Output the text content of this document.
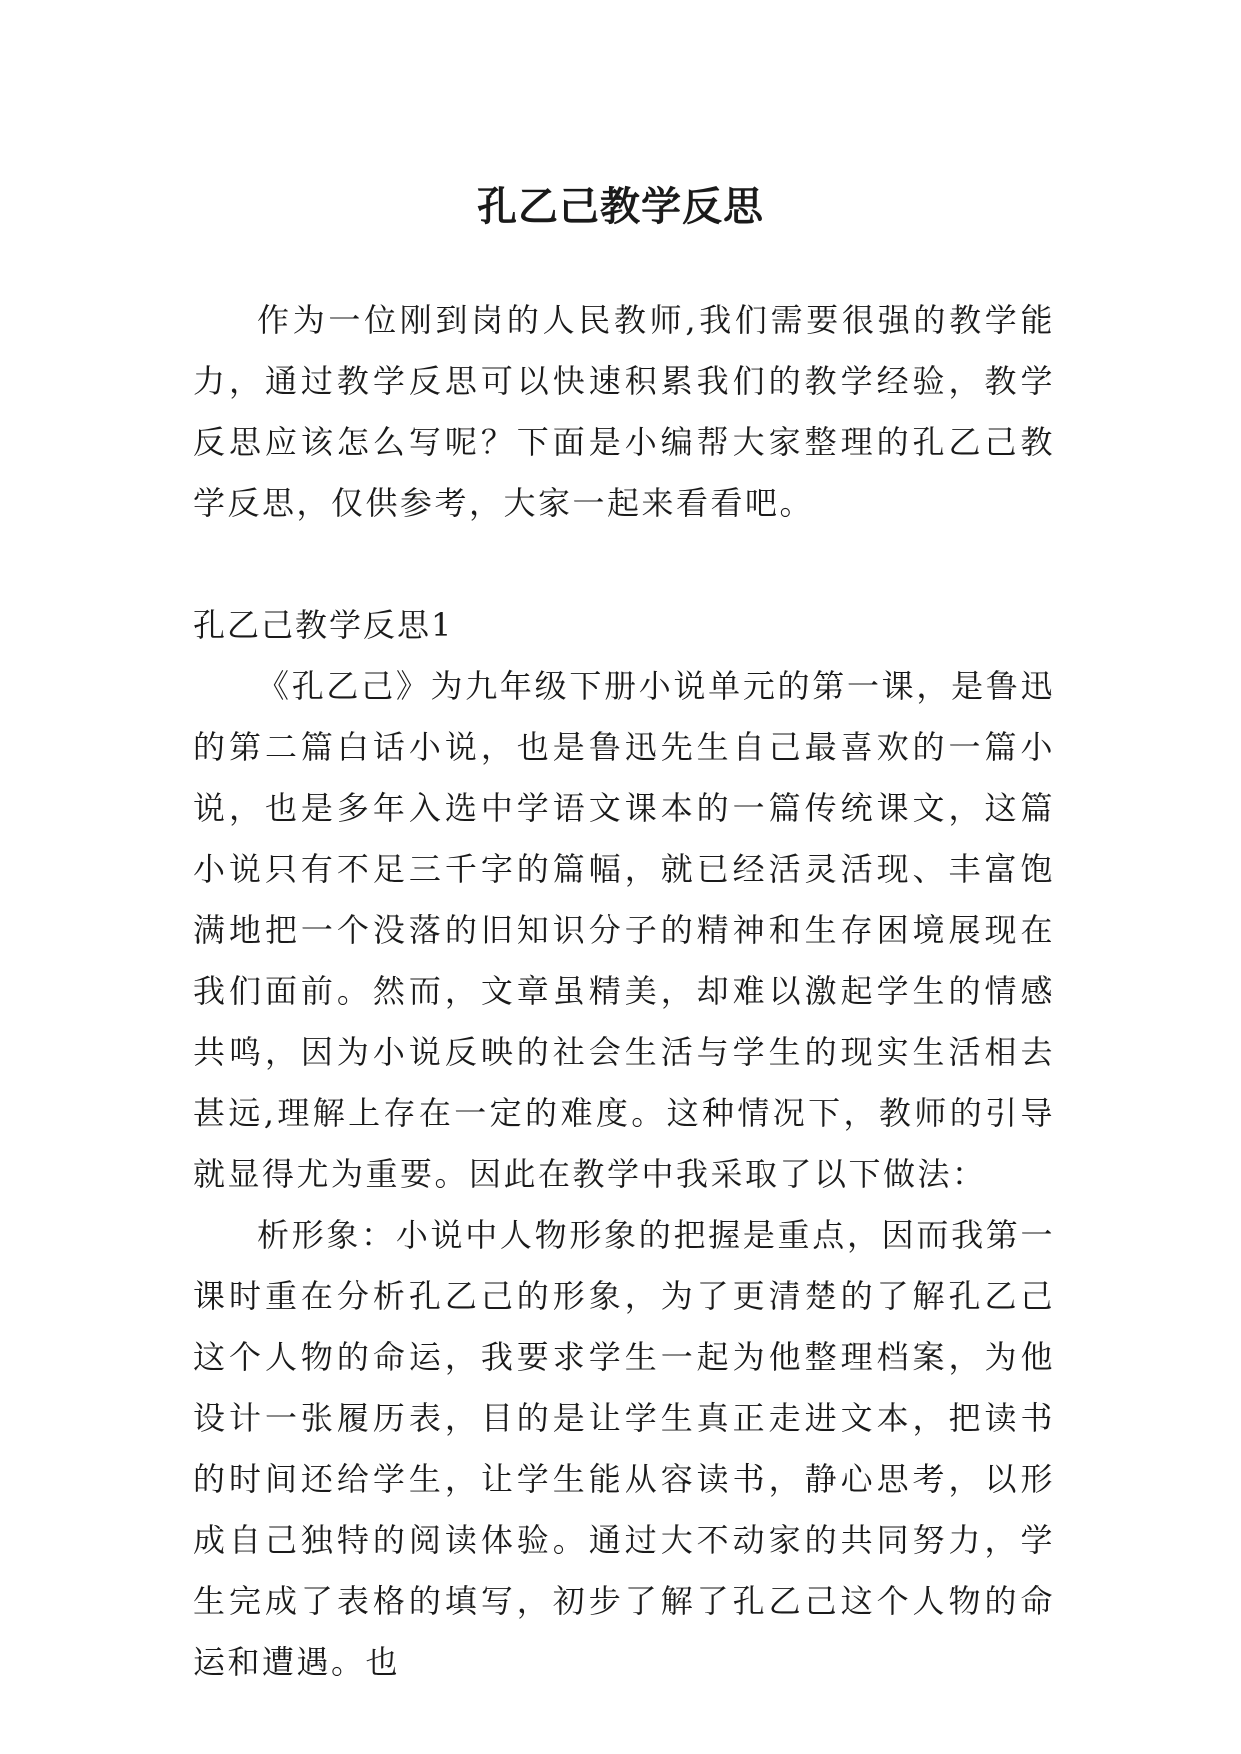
孔乙己教学反思

作为一位刚到岗的人民教师,我们需要很强的教学能力，通过教学反思可以快速积累我们的教学经验，教学反思应该怎么写呢？下面是小编帮大家整理的孔乙己教学反思，仅供参考，大家一起来看看吧。

孔乙己教学反思1

《孔乙己》为九年级下册小说单元的第一课，是鲁迅的第二篇白话小说，也是鲁迅先生自己最喜欢的一篇小说，也是多年入选中学语文课本的一篇传统课文，这篇小说只有不足三千字的篇幅，就已经活灵活现、丰富饱满地把一个没落的旧知识分子的精神和生存困境展现在我们面前。然而，文章虽精美，却难以激起学生的情感共鸣，因为小说反映的社会生活与学生的现实生活相去甚远,理解上存在一定的难度。这种情况下，教师的引导就显得尤为重要。因此在教学中我采取了以下做法：

析形象：小说中人物形象的把握是重点，因而我第一课时重在分析孔乙己的形象，为了更清楚的了解孔乙己这个人物的命运，我要求学生一起为他整理档案，为他设计一张履历表，目的是让学生真正走进文本，把读书的时间还给学生，让学生能从容读书，静心思考，以形成自己独特的阅读体验。通过大不动家的共同努力，学生完成了表格的填写，初步了解了孔乙己这个人物的命运和遭遇。也
